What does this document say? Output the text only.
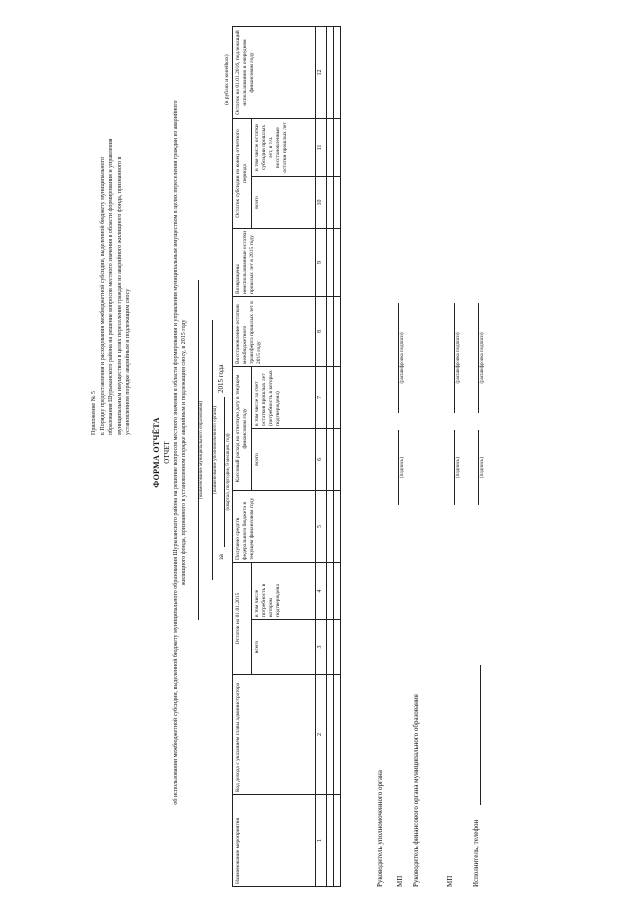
Приложение № 5 к Порядку предоставления и расходования межбюджетной субсидии, выделенной бюджету муниципального образования Шурыканского района на решение вопросов местного значения в области формирования и управления муниципальным имуществом в целях переселения граждан из аварийного жилищного фонда, признанного в установленном порядке аварийным и подлежащим сносу
ФОРМА ОТЧЁТА ОТЧЕТ об использовании межбюджетной субсидии, выделенной бюджету муниципального образования Шурыканского района на решение вопросов местного значения в области формирования и управления муниципальным имуществом в целях переселения граждан из аварийного жилищного фонда, признанного в установленном порядке аварийным и подлежащим сносу, в 2015 году (наименование муниципального образования) (наименование уполномоченного органа)
за
2015 года
(квартал, полугодие, 9 месяцев, год)
(в рублях и копейках)
Наименование мероприятия	Код дохода с указанием главы администратора	Остаток на 01.01.2015		Получено средств федерального бюджета в текущем финансовом году	Кассовый расход на отчетную дату в текущем финансовом году		Восстановление остатков межбюджетного трансферта прошлых лет в 2015 году	Возвращены неиспользованные остатки прошлых лет в 2015 году	Остаток субсидии на конец отчетного периода		Остаток на 01.01.2016, подлежащий использованию в очередном финансовом году
		всего	в том числе потребность в котором подтверждена		всего	в том числе за счет остатков прошлых лет (потребность в которых подтверждена)			всего	в том числе остатки субсидии прошлых лет, в т.ч. восстановленные остатки прошлых лет	
1	2	3	4	5	6	7	8	9	10	11	12

Руководитель уполномоченного органа МП
(подпись)
(расшифровка подписи)
Руководитель финансового органа муниципального образования	МП
(подпись)
(расшифровка подписи)
Исполнитель, телефон
(подпись)
(расшифровка подписи)
